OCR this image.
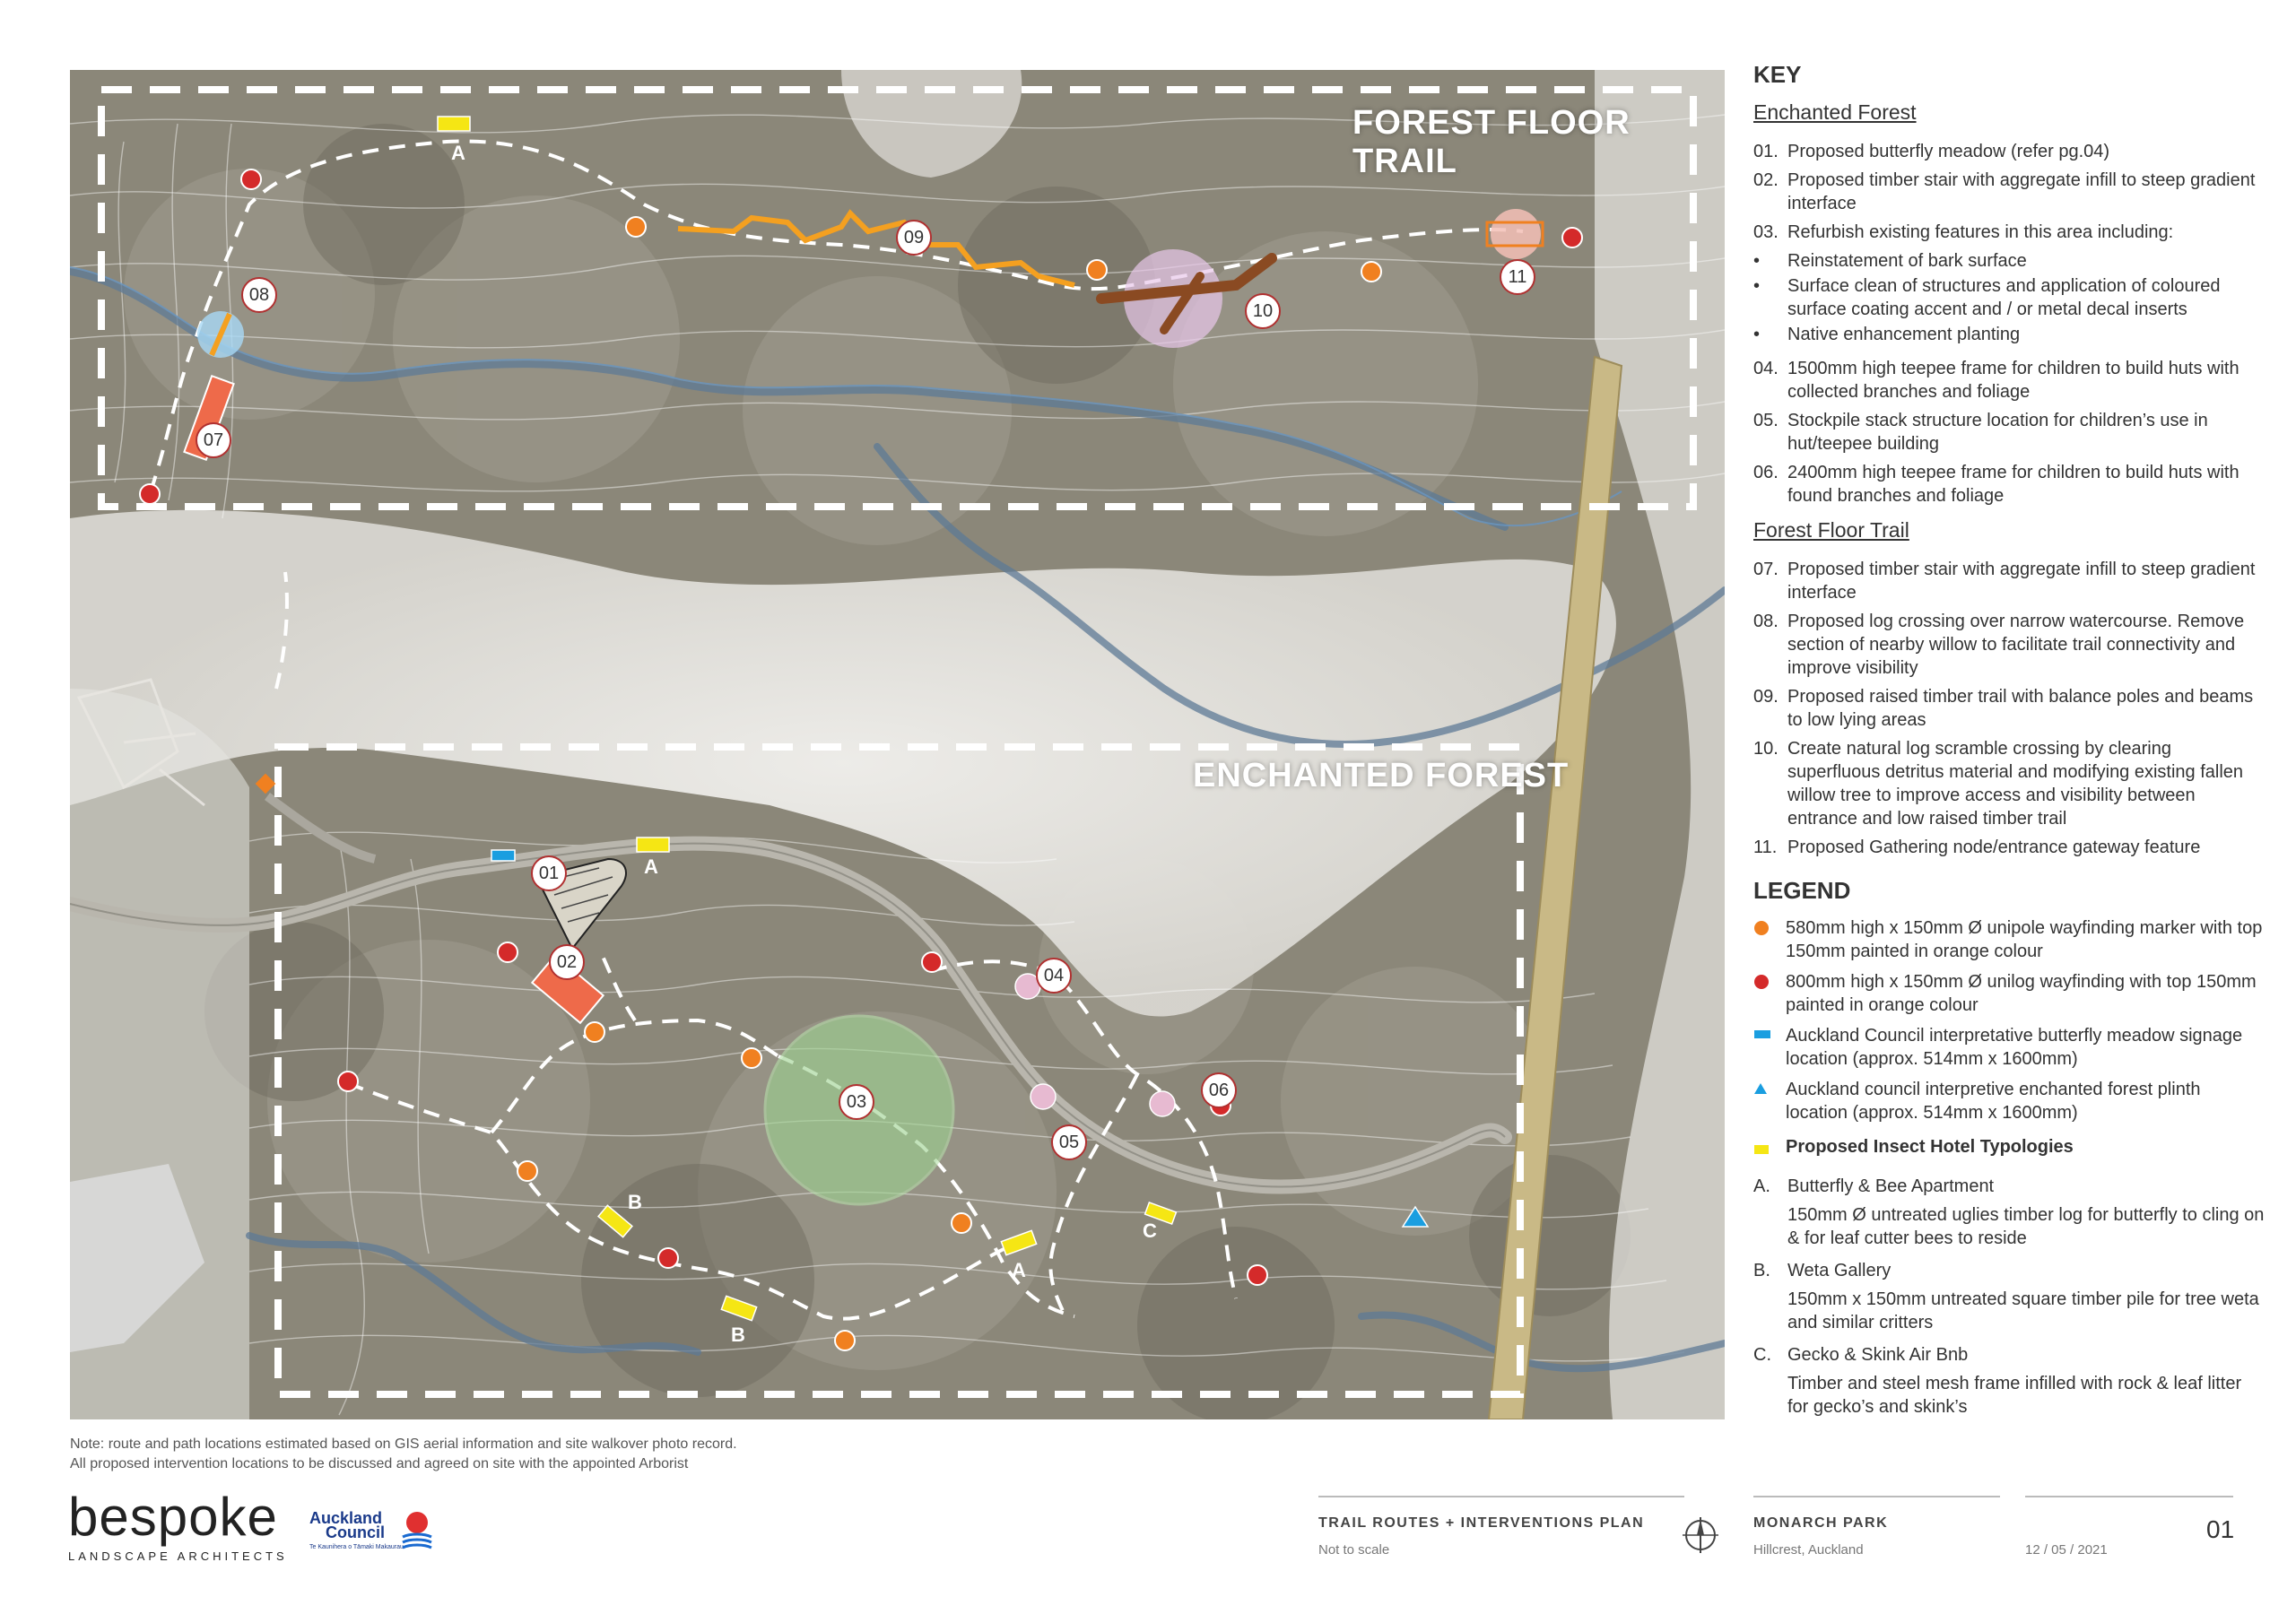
FOREST FLOOR TRAIL
ENCHANTED FOREST
01
02
03
04
05
06
07
08
09
10
11
A
A
A
B
B
C
Note: route and path locations estimated based on GIS aerial information and site walkover photo record.
All proposed intervention locations to be discussed and agreed on site with the appointed Arborist
KEY
Enchanted Forest
01. Proposed butterfly meadow (refer pg.04)
02. Proposed timber stair with aggregate infill to steep gradient interface
03. Refurbish existing features in this area including:
•	Reinstatement of bark surface
•	Surface clean of structures and application of coloured surface coating accent and / or metal decal inserts
•	Native enhancement planting
04. 1500mm high teepee frame for children to build huts with collected branches and foliage
05. Stockpile stack structure location for children’s use in hut/teepee building
06. 2400mm high teepee frame for children to build huts with found branches and foliage
Forest Floor Trail
07. Proposed timber stair with aggregate infill to steep gradient interface
08. Proposed log crossing over narrow watercourse. Remove section of nearby willow to facilitate trail connectivity and improve visibility
09. Proposed raised timber trail with balance poles and beams to low lying areas
10. Create natural log scramble crossing by clearing superfluous detritus material and modifying existing fallen willow tree to improve access and visibility between entrance and low raised timber trail
11. Proposed Gathering node/entrance gateway feature
LEGEND
580mm high x 150mm Ø unipole wayfinding marker with top 150mm painted in orange colour
800mm high x 150mm Ø unilog wayfinding with top 150mm painted in orange colour
Auckland Council interpretative butterfly meadow signage location (approx. 514mm x 1600mm)
Auckland council interpretive enchanted forest plinth location (approx. 514mm x 1600mm)
Proposed Insect Hotel Typologies
A. Butterfly & Bee Apartment
150mm Ø untreated uglies timber log for butterfly to cling on & for leaf cutter bees to reside
B. Weta Gallery
150mm x 150mm untreated square timber pile for tree weta and similar critters
C. Gecko & Skink Air Bnb
Timber and steel mesh frame infilled with rock & leaf litter for gecko’s and skink’s
bespoke
LANDSCAPE ARCHITECTS
Auckland
Council
Te Kaunihera o Tāmaki Makaurau
TRAIL ROUTES + INTERVENTIONS PLAN
Not to scale
MONARCH PARK
Hillcrest, Auckland	12 / 05 / 2021
01
